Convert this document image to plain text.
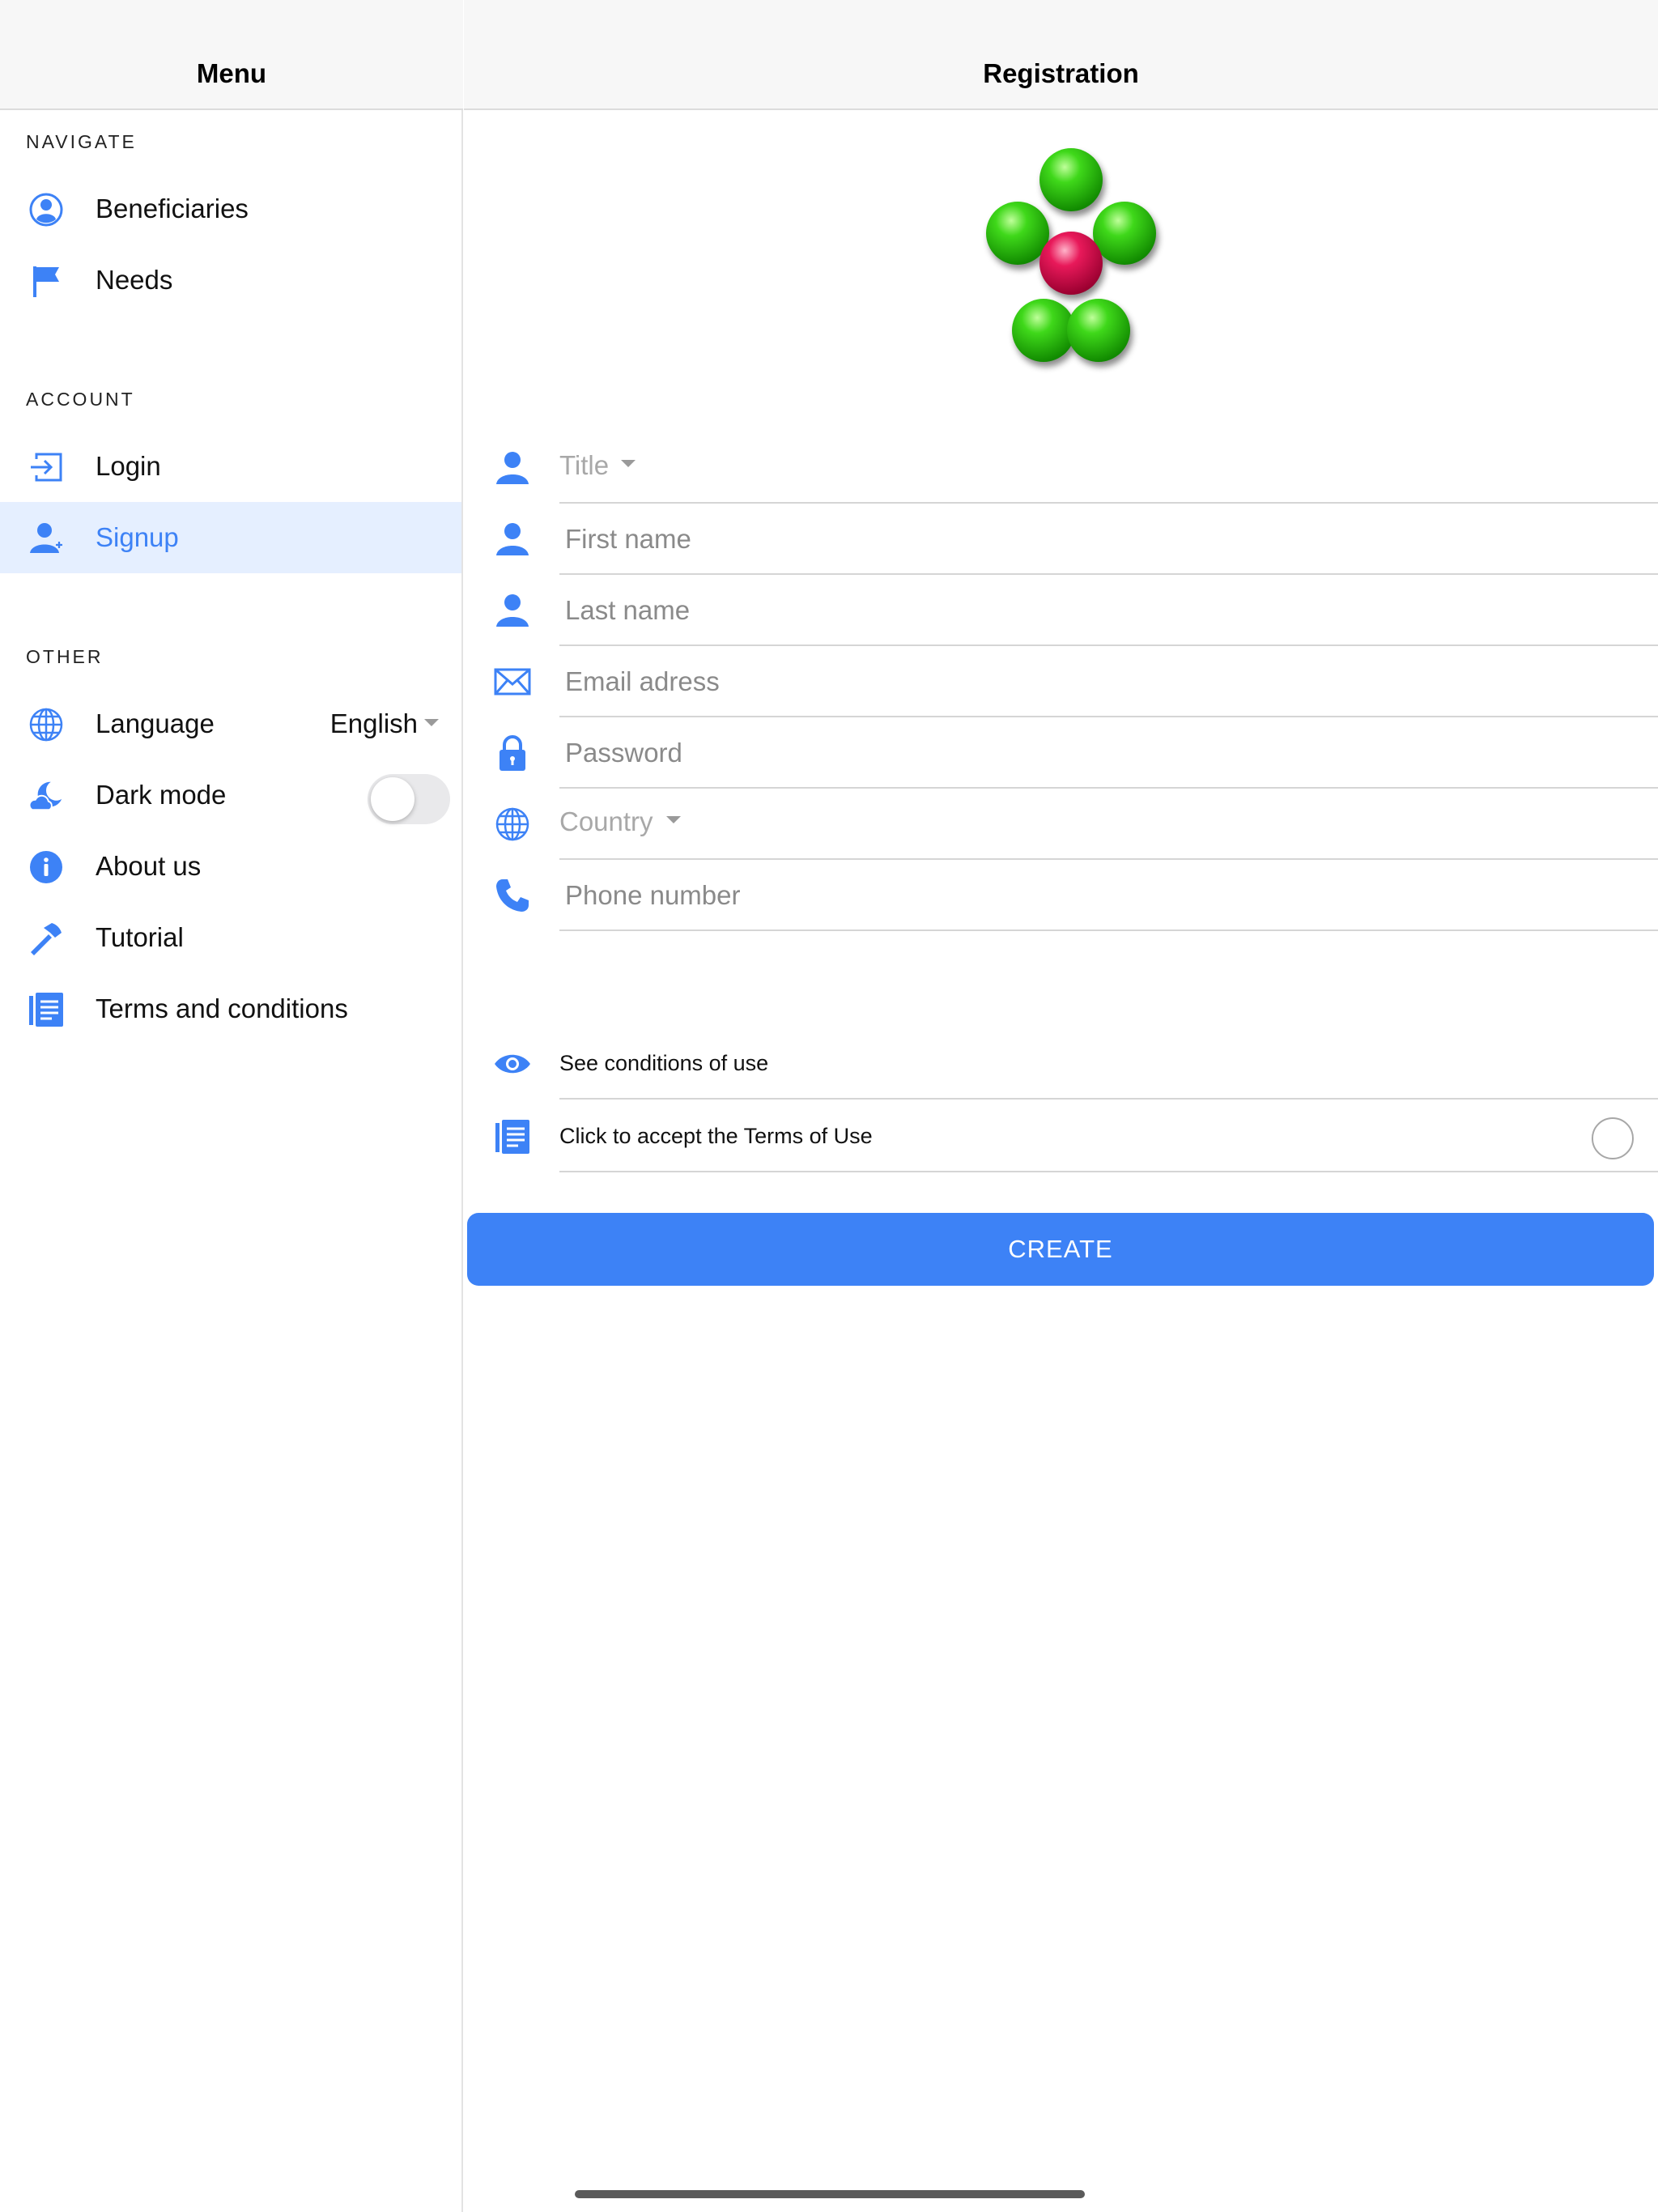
Menu
NAVIGATE
Beneficiaries
Needs
ACCOUNT
Login
Signup
OTHER
Language	English
Dark mode
About us
Tutorial
Terms and conditions
Registration
Title
First name
Last name
Email adress
Country
Phone number
See conditions of use
Click to accept the Terms of Use
CREATE
